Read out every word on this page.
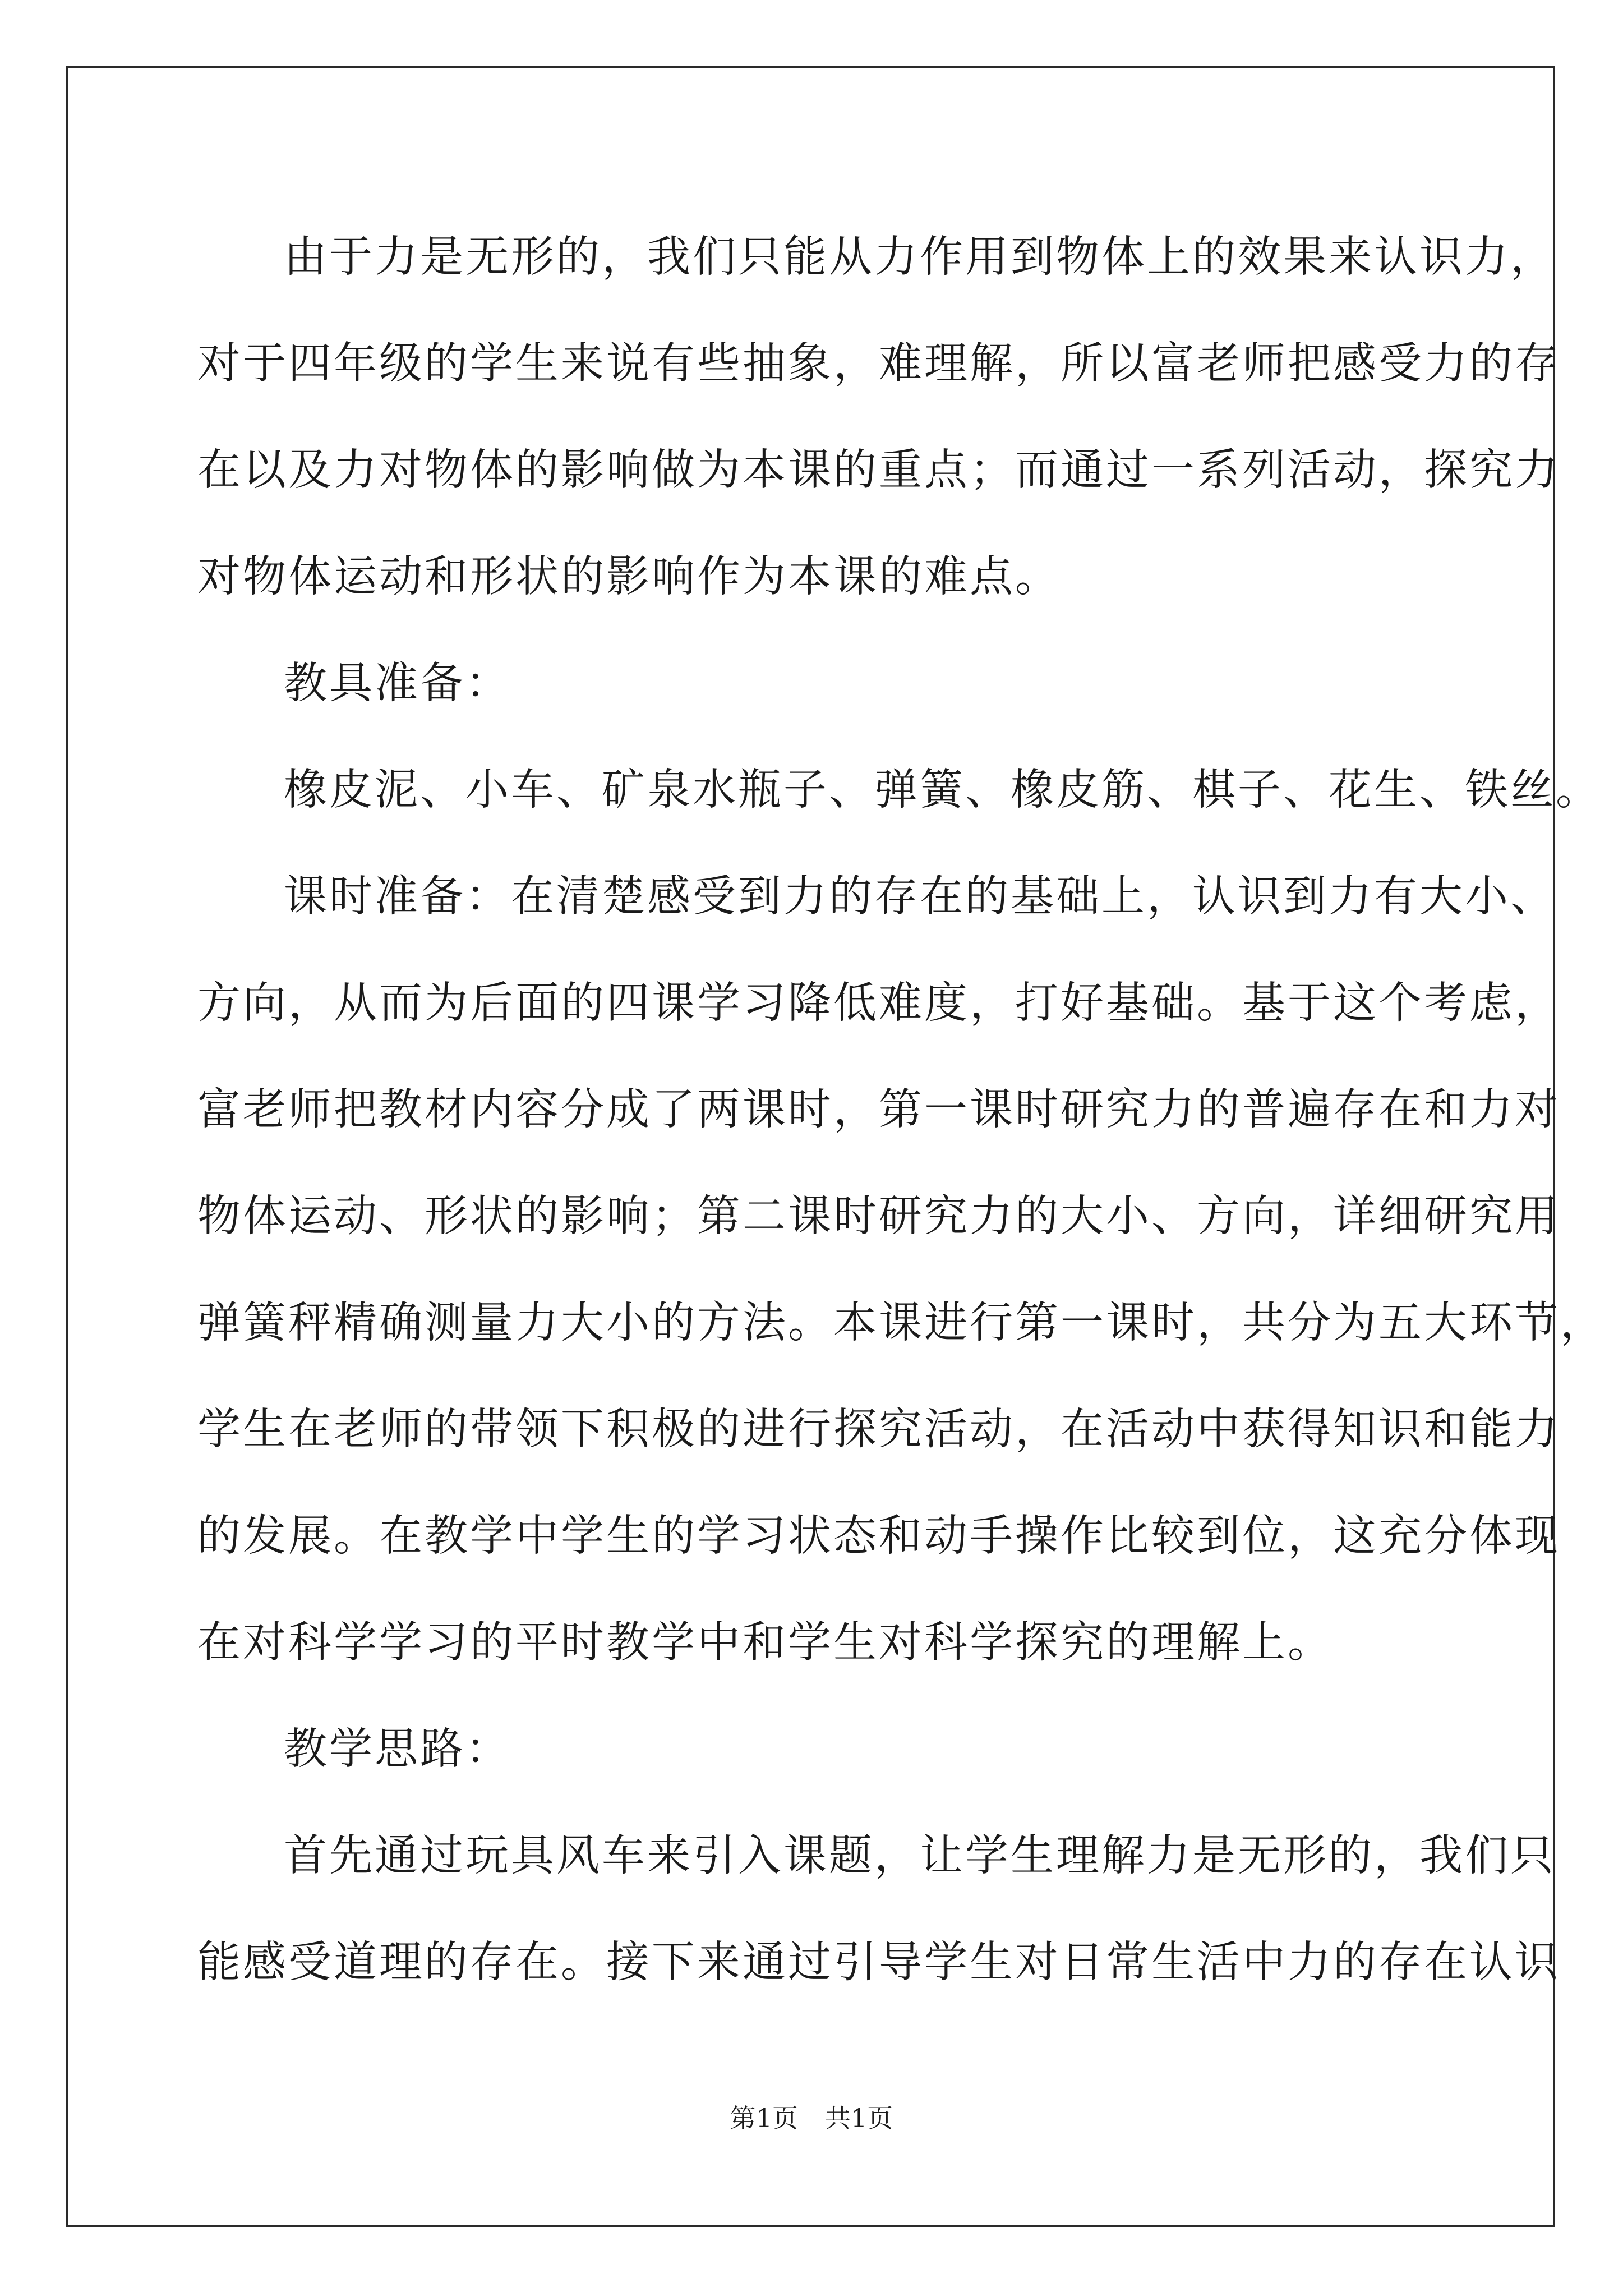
由于力是无形的，我们只能从力作用到物体上的效果来认识力，
对于四年级的学生来说有些抽象，难理解，所以富老师把感受力的存
在以及力对物体的影响做为本课的重点；而通过一系列活动，探究力
对物体运动和形状的影响作为本课的难点。
教具准备：
橡皮泥、小车、矿泉水瓶子、弹簧、橡皮筋、棋子、花生、铁丝。
课时准备：在清楚感受到力的存在的基础上，认识到力有大小、
方向，从而为后面的四课学习降低难度，打好基础。基于这个考虑，
富老师把教材内容分成了两课时，第一课时研究力的普遍存在和力对
物体运动、形状的影响；第二课时研究力的大小、方向，详细研究用
弹簧秤精确测量力大小的方法。本课进行第一课时，共分为五大环节，
学生在老师的带领下积极的进行探究活动，在活动中获得知识和能力
的发展。在教学中学生的学习状态和动手操作比较到位，这充分体现
在对科学学习的平时教学中和学生对科学探究的理解上。
教学思路：
首先通过玩具风车来引入课题，让学生理解力是无形的，我们只
能感受道理的存在。接下来通过引导学生对日常生活中力的存在认识
第1页 共1页
